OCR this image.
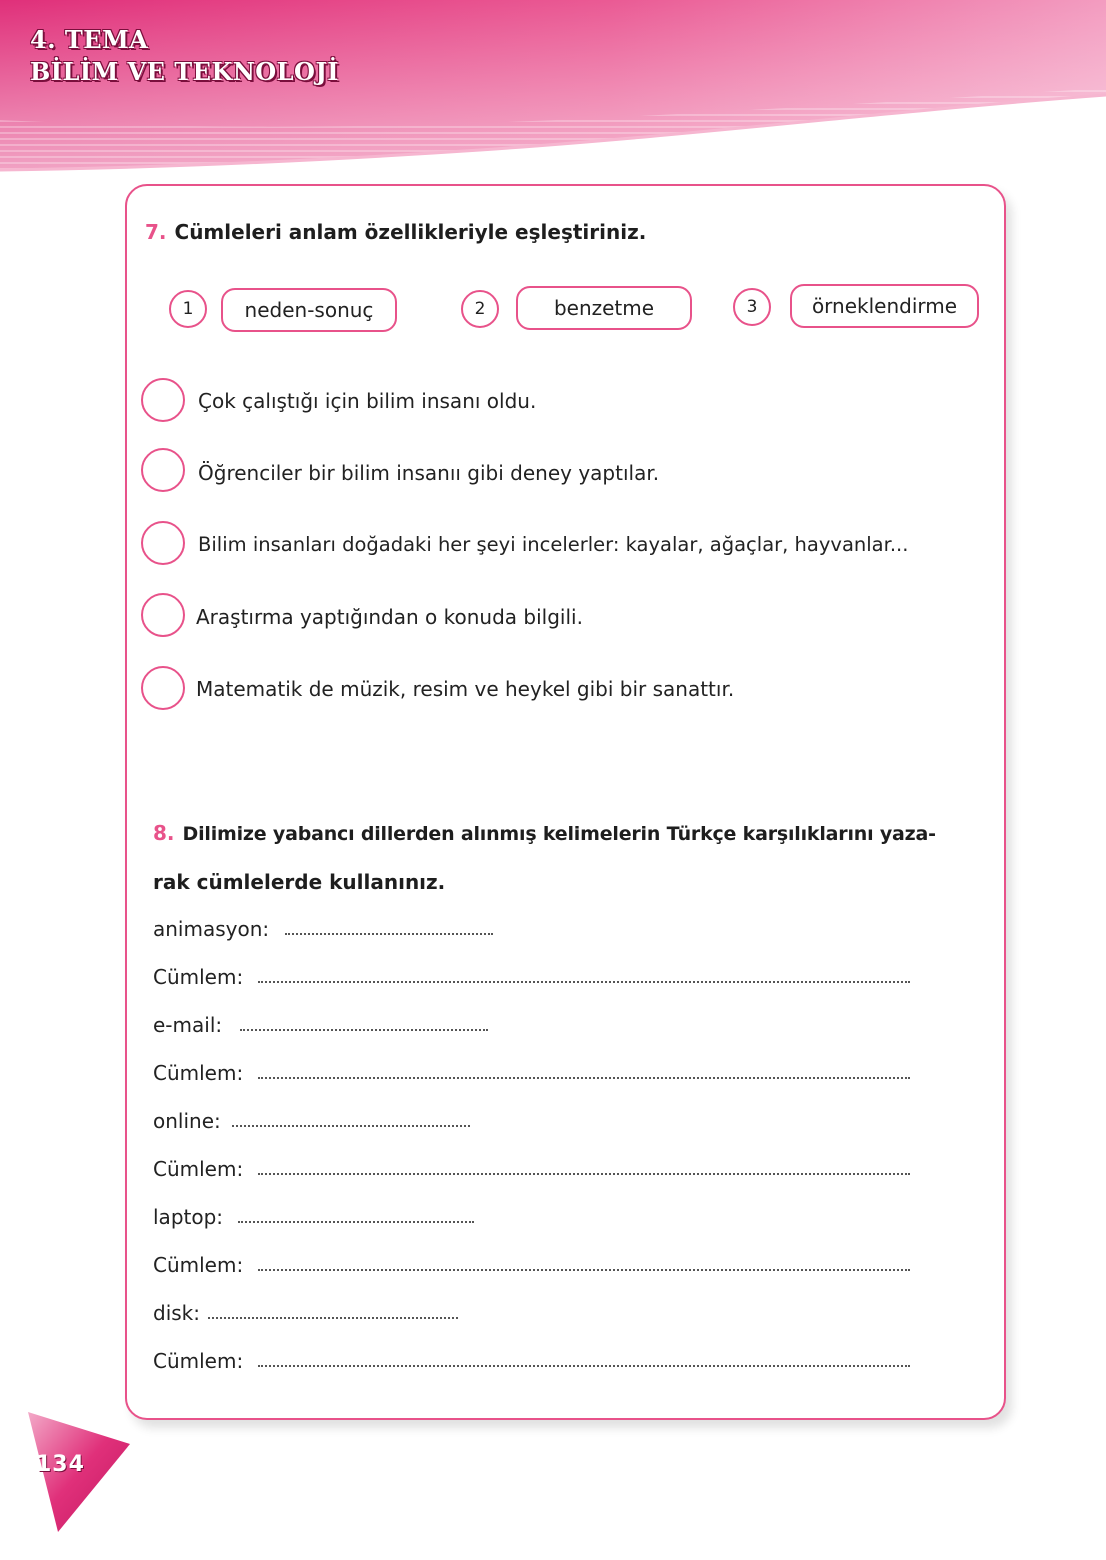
4. TEMA
BİLİM VE TEKNOLOJİ
7. Cümleleri anlam özellikleriyle eşleştiriniz.
1	neden-sonuç	2	benzetme	3	örneklendirme
Çok çalıştığı için bilim insanı oldu.
Öğrenciler bir bilim insanıı gibi deney yaptılar.
Bilim insanları doğadaki her şeyi incelerler: kayalar, ağaçlar, hayvanlar...
Araştırma yaptığından o konuda bilgili.
Matematik de müzik, resim ve heykel gibi bir sanattır.
8. Dilimize yabancı dillerden alınmış kelimelerin Türkçe karşılıklarını yaza-
rak cümlelerde kullanınız.
animasyon:
Cümlem:
e-mail:
Cümlem:
online:
Cümlem:
laptop:
Cümlem:
disk:
Cümlem:
134
